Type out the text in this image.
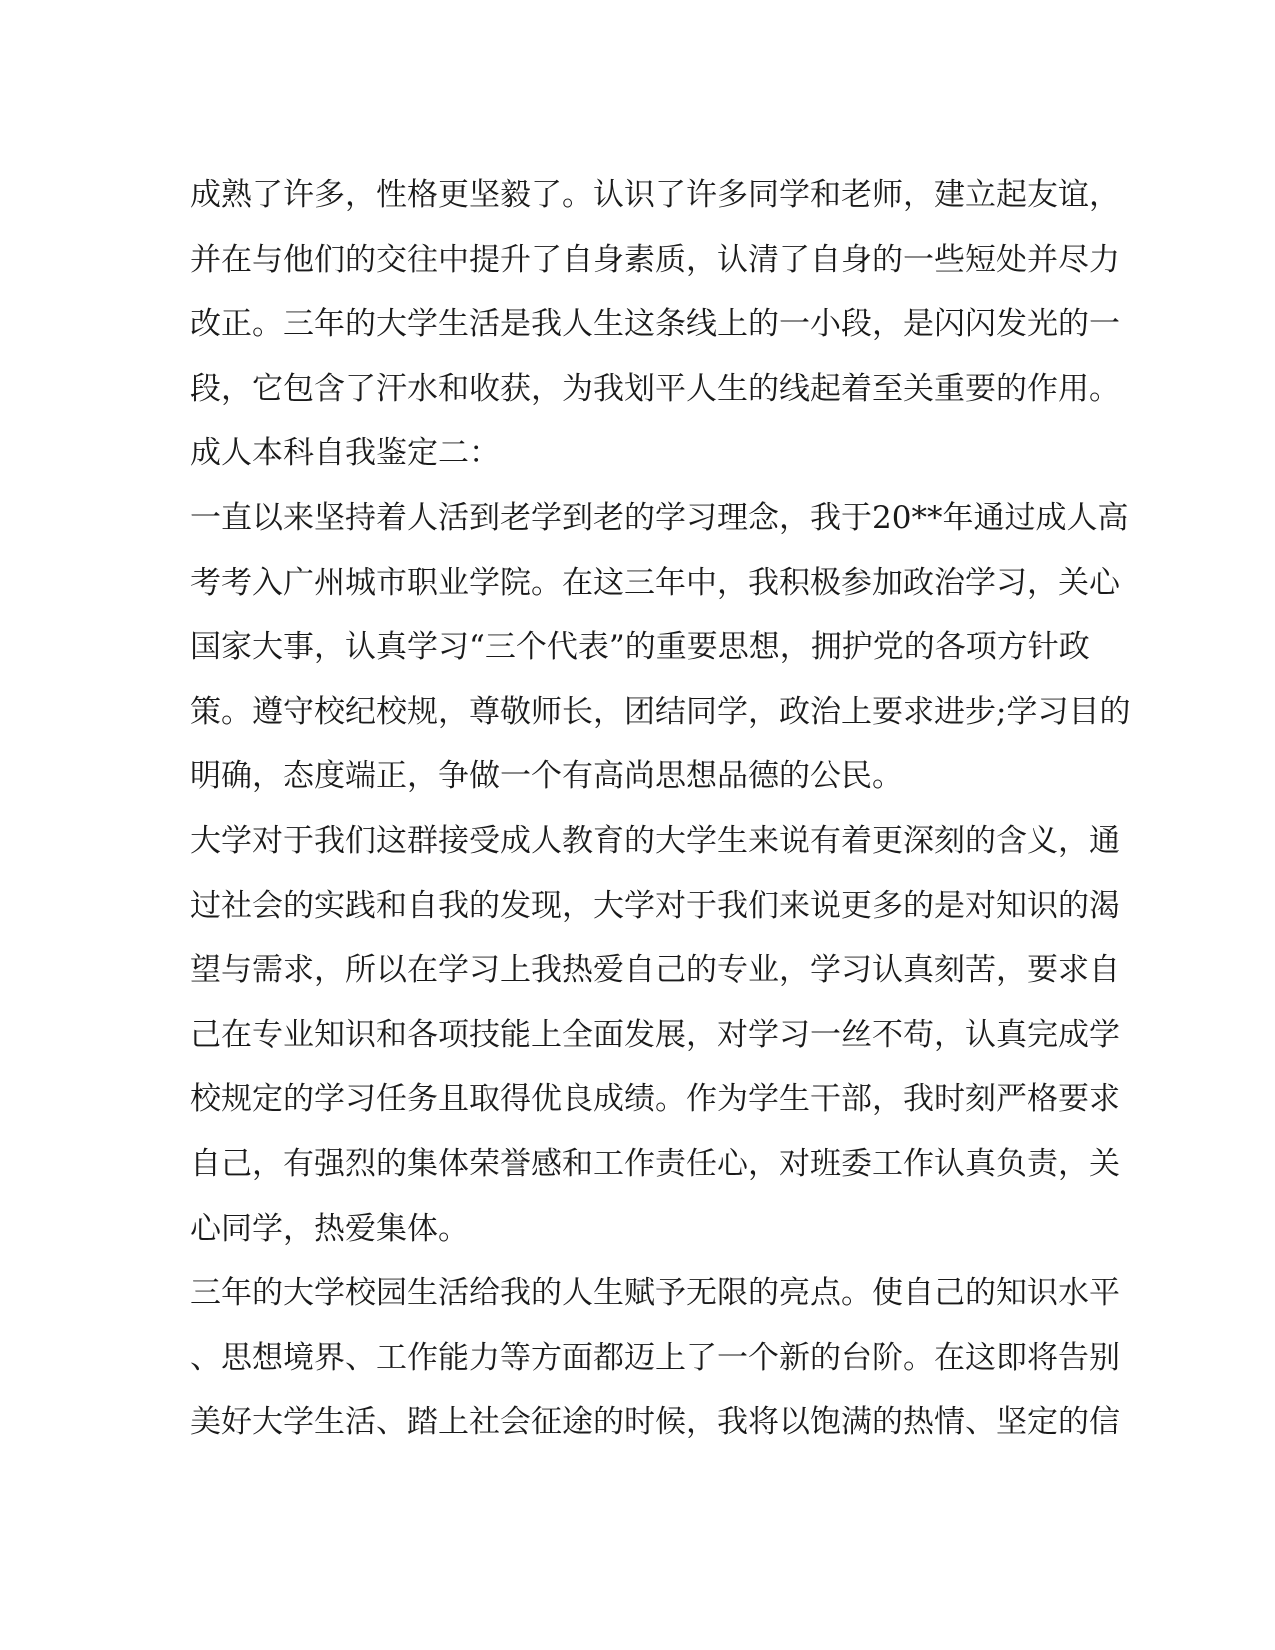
成熟了许多，性格更坚毅了。认识了许多同学和老师，建立起友谊，
并在与他们的交往中提升了自身素质，认清了自身的一些短处并尽力
改正。三年的大学生活是我人生这条线上的一小段，是闪闪发光的一
段，它包含了汗水和收获，为我划平人生的线起着至关重要的作用。
成人本科自我鉴定二：
一直以来坚持着人活到老学到老的学习理念，我于20**年通过成人高
考考入广州城市职业学院。在这三年中，我积极参加政治学习，关心
国家大事，认真学习“三个代表”的重要思想，拥护党的各项方针政
策。遵守校纪校规，尊敬师长，团结同学，政治上要求进步;学习目的
明确，态度端正，争做一个有高尚思想品德的公民。
大学对于我们这群接受成人教育的大学生来说有着更深刻的含义，通
过社会的实践和自我的发现，大学对于我们来说更多的是对知识的渴
望与需求，所以在学习上我热爱自己的专业，学习认真刻苦，要求自
己在专业知识和各项技能上全面发展，对学习一丝不苟，认真完成学
校规定的学习任务且取得优良成绩。作为学生干部，我时刻严格要求
自己，有强烈的集体荣誉感和工作责任心，对班委工作认真负责，关
心同学，热爱集体。
三年的大学校园生活给我的人生赋予无限的亮点。使自己的知识水平
、思想境界、工作能力等方面都迈上了一个新的台阶。在这即将告别
美好大学生活、踏上社会征途的时候，我将以饱满的热情、坚定的信
